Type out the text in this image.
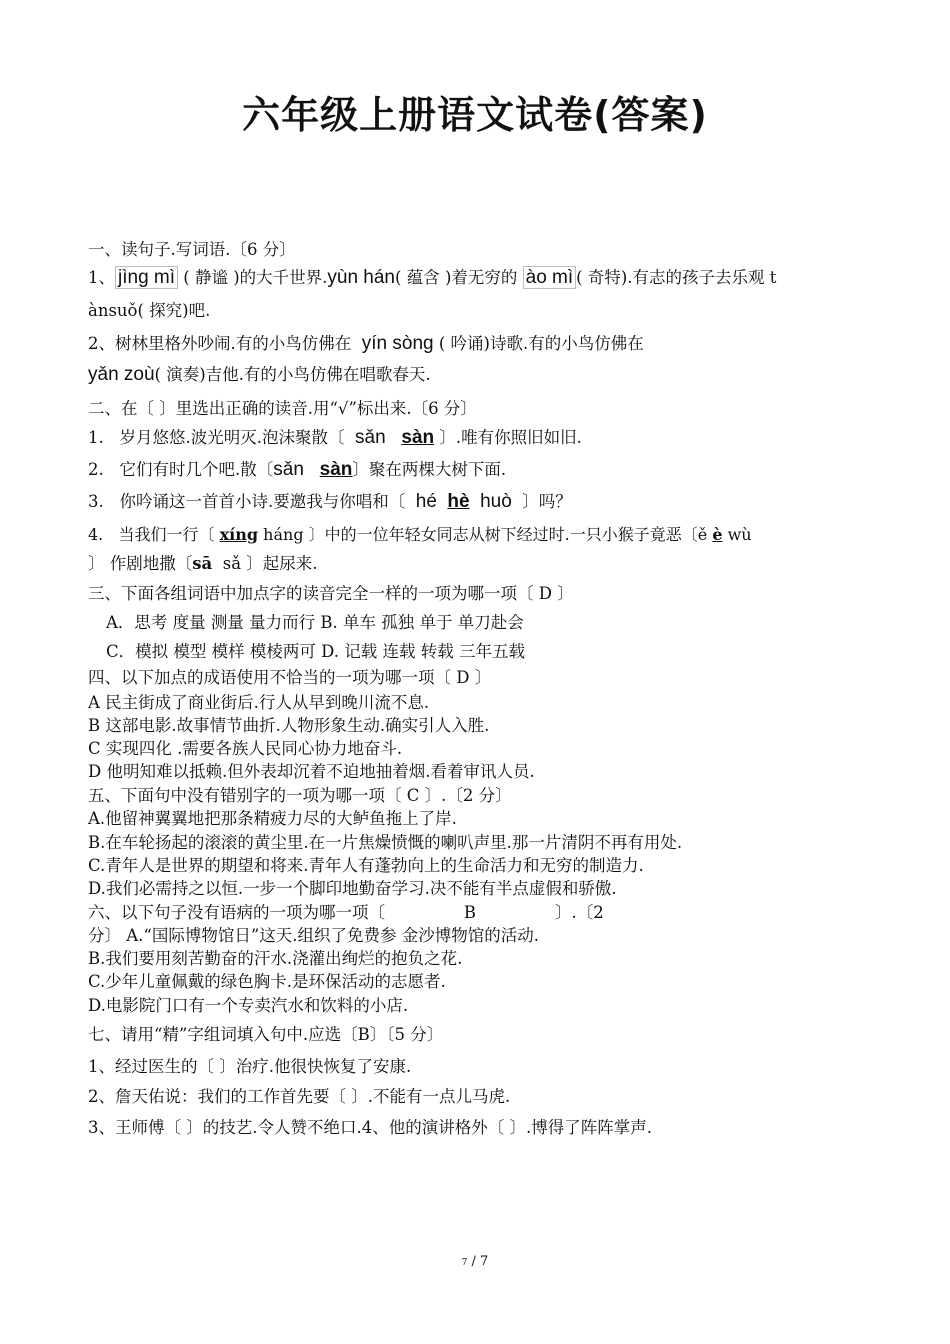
六年级上册语文试卷(答案)
一、读句子.写词语.〔6 分〕
1、 jìng mì ( 静谧 )的大千世界.yùn hán( 蕴含 )着无穷的 ào mì ( 奇特).有志的孩子去乐观 t
ànsuǒ( 探究)吧.
2、树林里格外吵闹.有的小鸟仿佛在 yín sòng ( 吟诵)诗歌.有的小鸟仿佛在
yǎn zoù( 演奏)吉他.有的小鸟仿佛在唱歌春天.
二、在〔 〕里选出正确的读音.用“√”标出来.〔6 分〕
1. 岁月悠悠.波光明灭.泡沫聚散〔 sǎn sàn 〕.唯有你照旧如旧.
2. 它们有时几个吧.散〔sǎn sàn〕聚在两棵大树下面.
3. 你吟诵这一首首小诗.要邀我与你唱和〔 hé hè huò 〕吗？
4. 当我们一行〔 xíng háng 〕中的一位年轻女同志从树下经过时.一只小猴子竟恶〔ě è wù
〕 作剧地撒〔sā sǎ 〕起尿来.
三、下面各组词语中加点字的读音完全一样的一项为哪一项〔 D 〕
A．思考 度量 测量 量力而行 B. 单车 孤独 单于 单刀赴会
C．模拟 模型 模样 模棱两可 D. 记载 连载 转载 三年五载
四、以下加点的成语使用不恰当的一项为哪一项〔 D 〕
A 民主街成了商业街后.行人从早到晚川流不息.
B 这部电影.故事情节曲折.人物形象生动.确实引人入胜.
C 实现四化 .需要各族人民同心协力地奋斗.
D 他明知难以抵赖.但外表却沉着不迫地抽着烟.看着审讯人员.
五、下面句中没有错别字的一项为哪一项〔 C 〕.〔2 分〕
A.他留神翼翼地把那条精疲力尽的大鲈鱼拖上了岸.
B.在车轮扬起的滚滚的黄尘里.在一片焦燥愤慨的喇叭声里.那一片清阴不再有用处.
C.青年人是世界的期望和将来.青年人有蓬勃向上的生命活力和无穷的制造力.
D.我们必需持之以恒.一步一个脚印地勤奋学习.决不能有半点虚假和骄傲.
六、以下句子没有语病的一项为哪一项〔	B	〕.〔2
分〕 A.“国际博物馆日”这天.组织了免费参 金沙博物馆的活动.
B.我们要用刻苦勤奋的汗水.浇灌出绚烂的抱负之花.
C.少年儿童佩戴的绿色胸卡.是环保活动的志愿者.
D.电影院门口有一个专卖汽水和饮料的小店.
七、请用“精”字组词填入句中.应选〔B〕〔5 分〕
1、经过医生的〔 〕治疗.他很快恢复了安康.
2、詹天佑说：我们的工作首先要〔 〕.不能有一点儿马虎.
3、王师傅〔 〕的技艺.令人赞不绝口.4、他的演讲格外〔 〕.博得了阵阵掌声.
7 / 7
